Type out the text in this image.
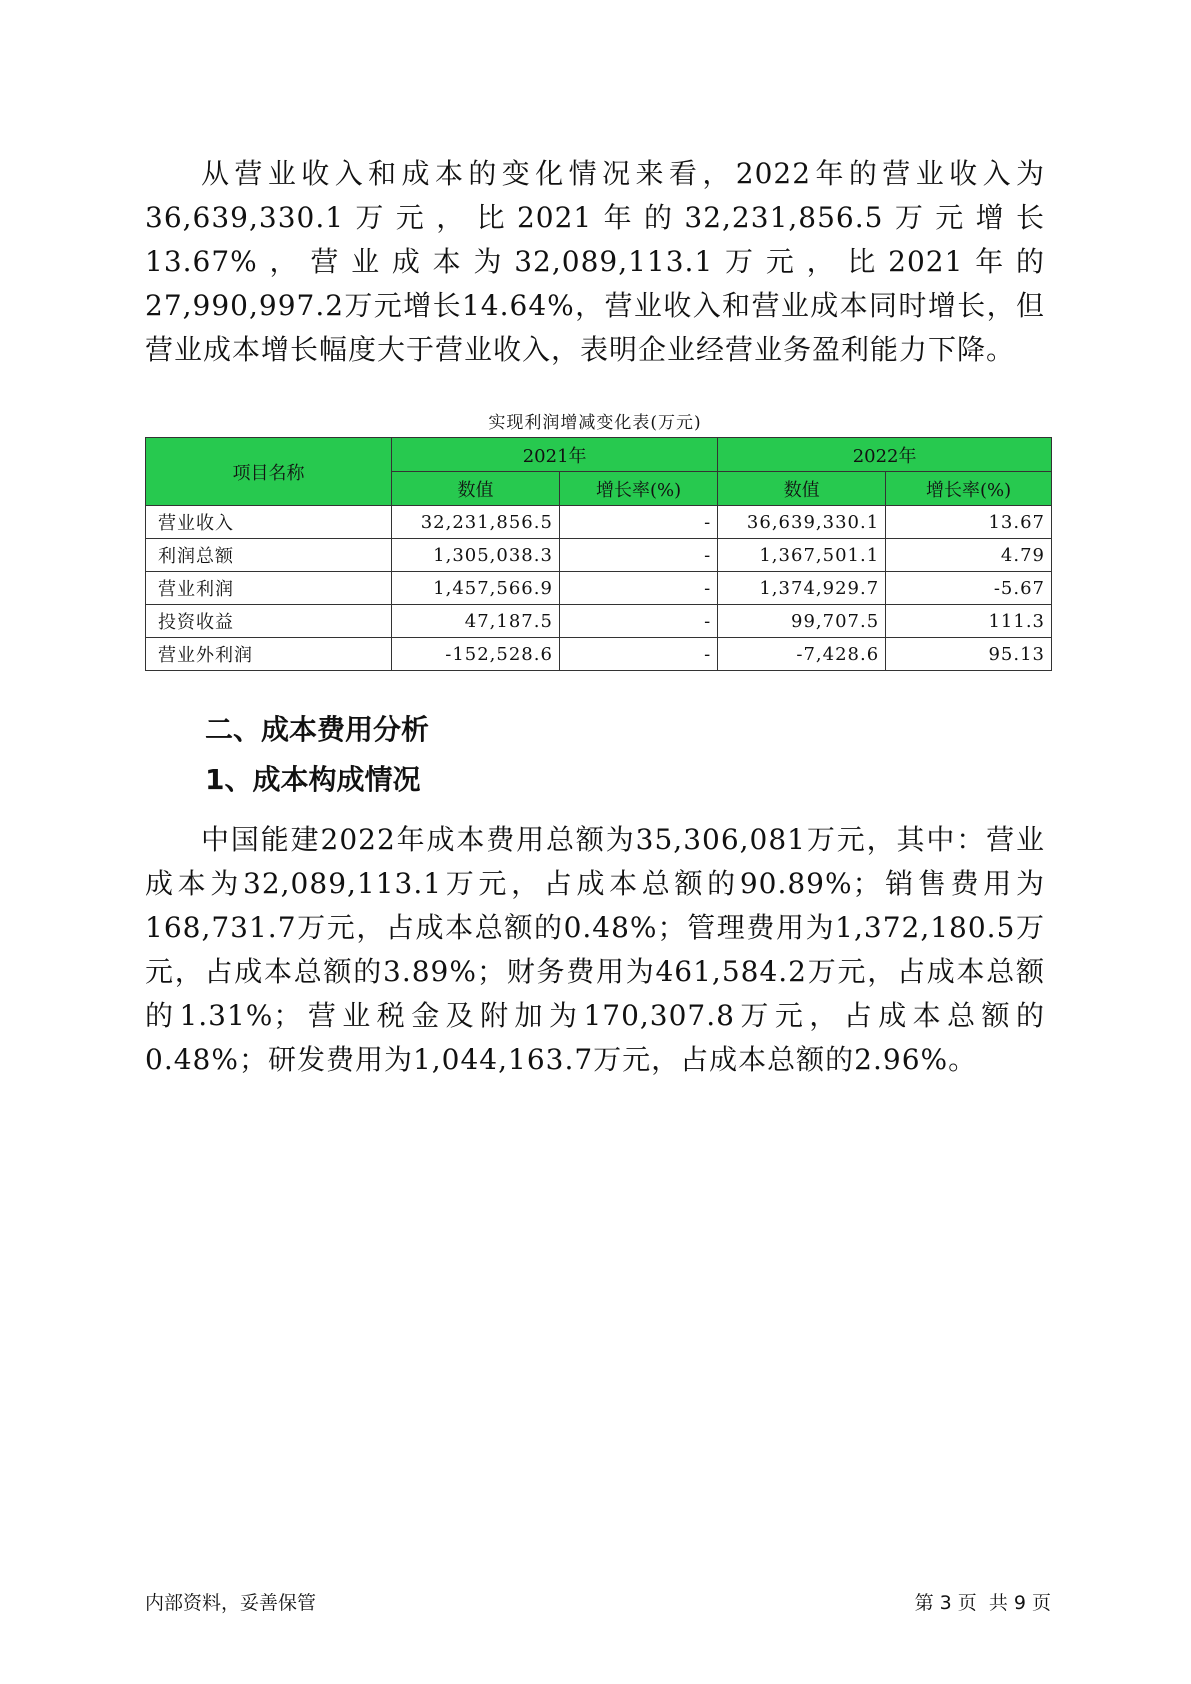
从营业收入和成本的变化情况来看，2022年的营业收入为36,639,330.1万元，比2021年的32,231,856.5万元增长13.67%，营业成本为32,089,113.1万元，比2021年的27,990,997.2万元增长14.64%，营业收入和营业成本同时增长，但营业成本增长幅度大于营业收入，表明企业经营业务盈利能力下降。

实现利润增减变化表(万元)
项目名称	2021年		2022年	
	数值	增长率(%)	数值	增长率(%)
营业收入	32,231,856.5	-	36,639,330.1	13.67
利润总额	1,305,038.3	-	1,367,501.1	4.79
营业利润	1,457,566.9	-	1,374,929.7	-5.67
投资收益	47,187.5	-	99,707.5	111.3
营业外利润	-152,528.6	-	-7,428.6	95.13
二、成本费用分析
1、成本构成情况

中国能建2022年成本费用总额为35,306,081万元，其中：营业成本为32,089,113.1万元，占成本总额的90.89%；销售费用为168,731.7万元，占成本总额的0.48%；管理费用为1,372,180.5万元，占成本总额的3.89%；财务费用为461,584.2万元，占成本总额的1.31%；营业税金及附加为170,307.8万元，占成本总额的0.48%；研发费用为1,044,163.7万元，占成本总额的2.96%。

内部资料，妥善保管	第 3 页  共 9 页
